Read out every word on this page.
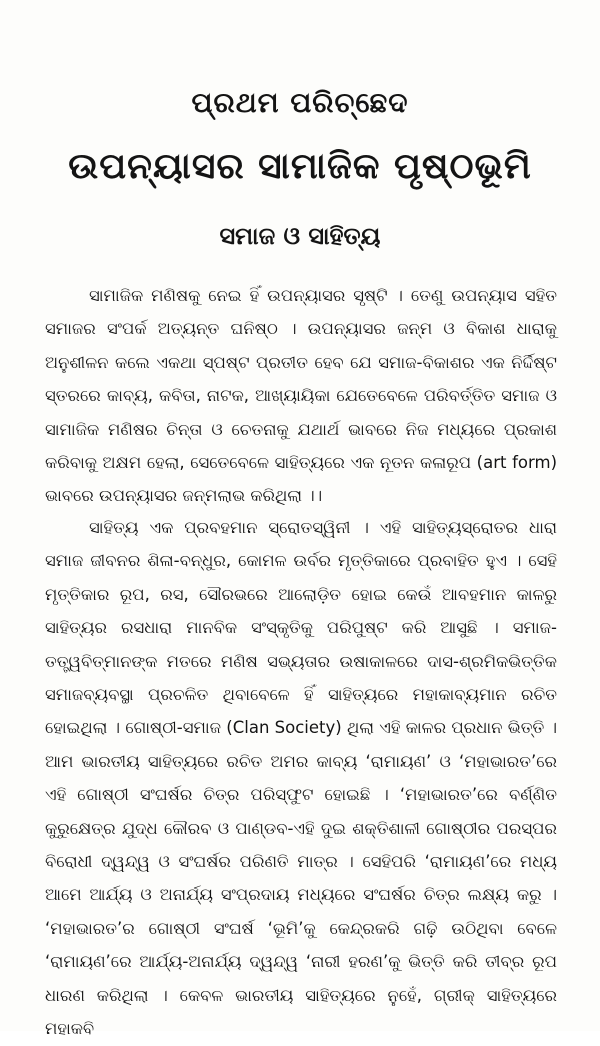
ପ୍ରଥମ ପରିଚ୍ଛେଦ
ଉପନ୍ୟାସର ସାମାଜିକ ପୃଷ୍ଠଭୂମି
ସମାଜ ଓ ସାହିତ୍ୟ

ସାମାଜିକ ମଣିଷକୁ ନେଇ ହିଁ ଉପନ୍ୟାସର ସୃଷ୍ଟି । ତେଣୁ ଉପନ୍ୟାସ ସହିତ ସମାଜର ସଂପର୍କ ଅତ୍ୟନ୍ତ ଘନିଷ୍ଠ । ଉପନ୍ୟାସର ଜନ୍ମ ଓ ବିକାଶ ଧାରାକୁ ଅନୁଶୀଳନ କଲେ ଏକଥା ସ୍ପଷ୍ଟ ପ୍ରତୀତ ହେବ ଯେ ସମାଜ-ବିକାଶର ଏକ ନିର୍ଦ୍ଦିଷ୍ଟ ସ୍ତରରେ କାବ୍ୟ, କବିତା, ନାଟକ, ଆଖ୍ୟାୟିକା ଯେତେବେଳେ ପରିବର୍ତ୍ତିତ ସମାଜ ଓ ସାମାଜିକ ମଣିଷର ଚିନ୍ତା ଓ ଚେତନାକୁ ଯଥାର୍ଥ ଭାବରେ ନିଜ ମଧ୍ୟରେ ପ୍ରକାଶ କରିବାକୁ ଅକ୍ଷମ ହେଲା, ସେତେବେଳେ ସାହିତ୍ୟରେ ଏକ ନୂତନ କଳାରୂପ (art form) ଭାବରେ ଉପନ୍ୟାସର ଜନ୍ମଲାଭ କରିଥିଲା ।।

ସାହିତ୍ୟ ଏକ ପ୍ରବହମାନ ସ୍ରୋତସ୍ୱିନୀ । ଏହି ସାହିତ୍ୟସ୍ରୋତର ଧାରା ସମାଜ ଜୀବନର ଶିଳା-ବନ୍ଧୁର, କୋମଳ ଉର୍ବର ମୃତ୍ତିକାରେ ପ୍ରବାହିତ ହୁଏ । ସେହି ମୃତ୍ତିକାର ରୂପ, ରସ, ସୌରଭରେ ଆଲୋଡ଼ିତ ହୋଇ କେଉଁ ଆବହମାନ କାଳରୁ ସାହିତ୍ୟର ରସଧାରା ମାନବିକ ସଂସ୍କୃତିକୁ ପରିପୁଷ୍ଟ କରି ଆସୁଛି । ସମାଜ-ତତ୍ତ୍ୱବିତ୍‌ମାନଙ୍କ ମତରେ ମଣିଷ ସଭ୍ୟତାର ଉଷାକାଳରେ ଦାସ-ଶ୍ରମିକଭିତ୍ତିକ ସମାଜବ୍ୟବସ୍ଥା ପ୍ରଚଳିତ ଥିବାବେଳେ ହିଁ ସାହିତ୍ୟରେ ମହାକାବ୍ୟମାନ ରଚିତ ହୋଇଥିଲା । ଗୋଷ୍ଠୀ-ସମାଜ (Clan Society) ଥିଲା ଏହି କାଳର ପ୍ରଧାନ ଭିତ୍ତି । ଆମ ଭାରତୀୟ ସାହିତ୍ୟରେ ରଚିତ ଅମର କାବ୍ୟ ‘ରାମାୟଣ’ ଓ ‘ମହାଭାରତ’ରେ ଏହି ଗୋଷ୍ଠୀ ସଂଘର୍ଷର ଚିତ୍ର ପରିସ୍ଫୁଟ ହୋଇଛି । ‘ମହାଭାରତ’ରେ ବର୍ଣ୍ଣିତ କୁରୁକ୍ଷେତ୍ର ଯୁଦ୍ଧ କୌରବ ଓ ପାଣ୍ଡବ-ଏହି ଦୁଇ ଶକ୍ତିଶାଳୀ ଗୋଷ୍ଠୀର ପରସ୍ପର ବିରୋଧୀ ଦ୍ୱନ୍ଦ୍ୱ ଓ ସଂଘର୍ଷର ପରିଣତି ମାତ୍ର । ସେହିପରି ‘ରାମାୟଣ’ରେ ମଧ୍ୟ ଆମେ ଆର୍ଯ୍ୟ ଓ ଅନାର୍ଯ୍ୟ ସଂପ୍ରଦାୟ ମଧ୍ୟରେ ସଂଘର୍ଷର ଚିତ୍ର ଲକ୍ଷ୍ୟ କରୁ । ‘ମହାଭାରତ’ର ଗୋଷ୍ଠୀ ସଂଘର୍ଷ ‘ଭୂମି’କୁ କେନ୍ଦ୍ରକରି ଗଢ଼ି ଉଠିଥିବା ବେଳେ ‘ରାମାୟଣ’ରେ ଆର୍ଯ୍ୟ-ଅନାର୍ଯ୍ୟ ଦ୍ୱନ୍ଦ୍ୱ ‘ନାରୀ ହରଣ’କୁ ଭିତ୍ତି କରି ତୀବ୍ର ରୂପ ଧାରଣ କରିଥିଲା । କେବଳ ଭାରତୀୟ ସାହିତ୍ୟରେ ନୁହେଁ, ଗ୍ରୀକ୍ ସାହିତ୍ୟରେ ମହାକବି
